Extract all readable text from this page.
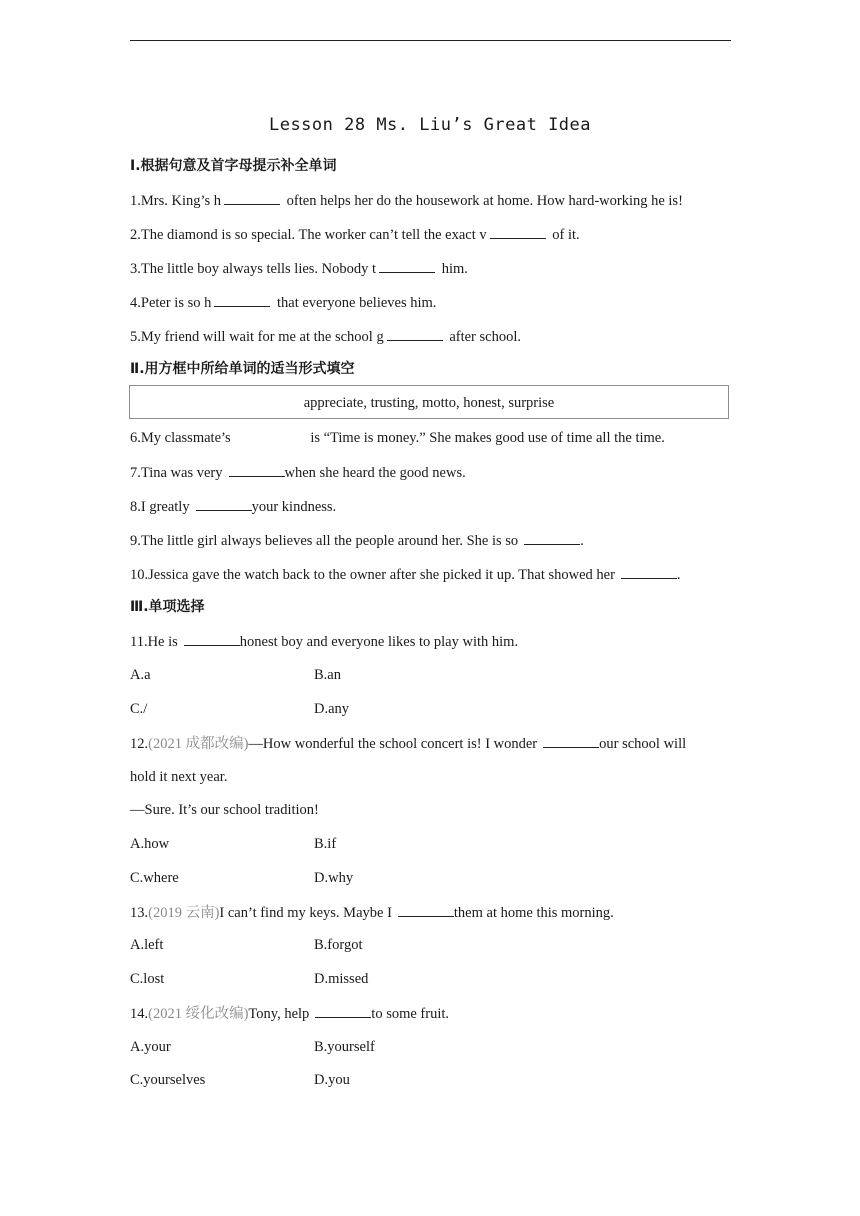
Lesson 28 Ms. Liu’s Great Idea
Ⅰ.根据句意及首字母提示补全单词
1.Mrs. King’s h	often helps her do the housework at home. How hard-working he is!
2.The diamond is so special. The worker can’t tell the exact v	of it.
3.The little boy always tells lies. Nobody t	him.
4.Peter is so h	that everyone believes him.
5.My friend will wait for me at the school g	after school.
Ⅱ.用方框中所给单词的适当形式填空
appreciate, trusting, motto, honest, surprise
6.My classmate’s	is “Time is money.” She makes good use of time all the time.
7.Tina was very	when she heard the good news.
8.I greatly	your kindness.
9.The little girl always believes all the people around her. She is so	.
10.Jessica gave the watch back to the owner after she picked it up. That showed her	.
Ⅲ.单项选择
11.He is	honest boy and everyone likes to play with him.
A.a	B.an
C./	D.any
12.(2021 成都改编)—How wonderful the school concert is! I wonder	our school will
hold it next year.
—Sure. It’s our school tradition!
A.how	B.if
C.where	D.why
13.(2019 云南)I can’t find my keys. Maybe I	them at home this morning.
A.left	B.forgot
C.lost	D.missed
14.(2021 绥化改编)Tony, help	to some fruit.
A.your	B.yourself
C.yourselves	D.you
